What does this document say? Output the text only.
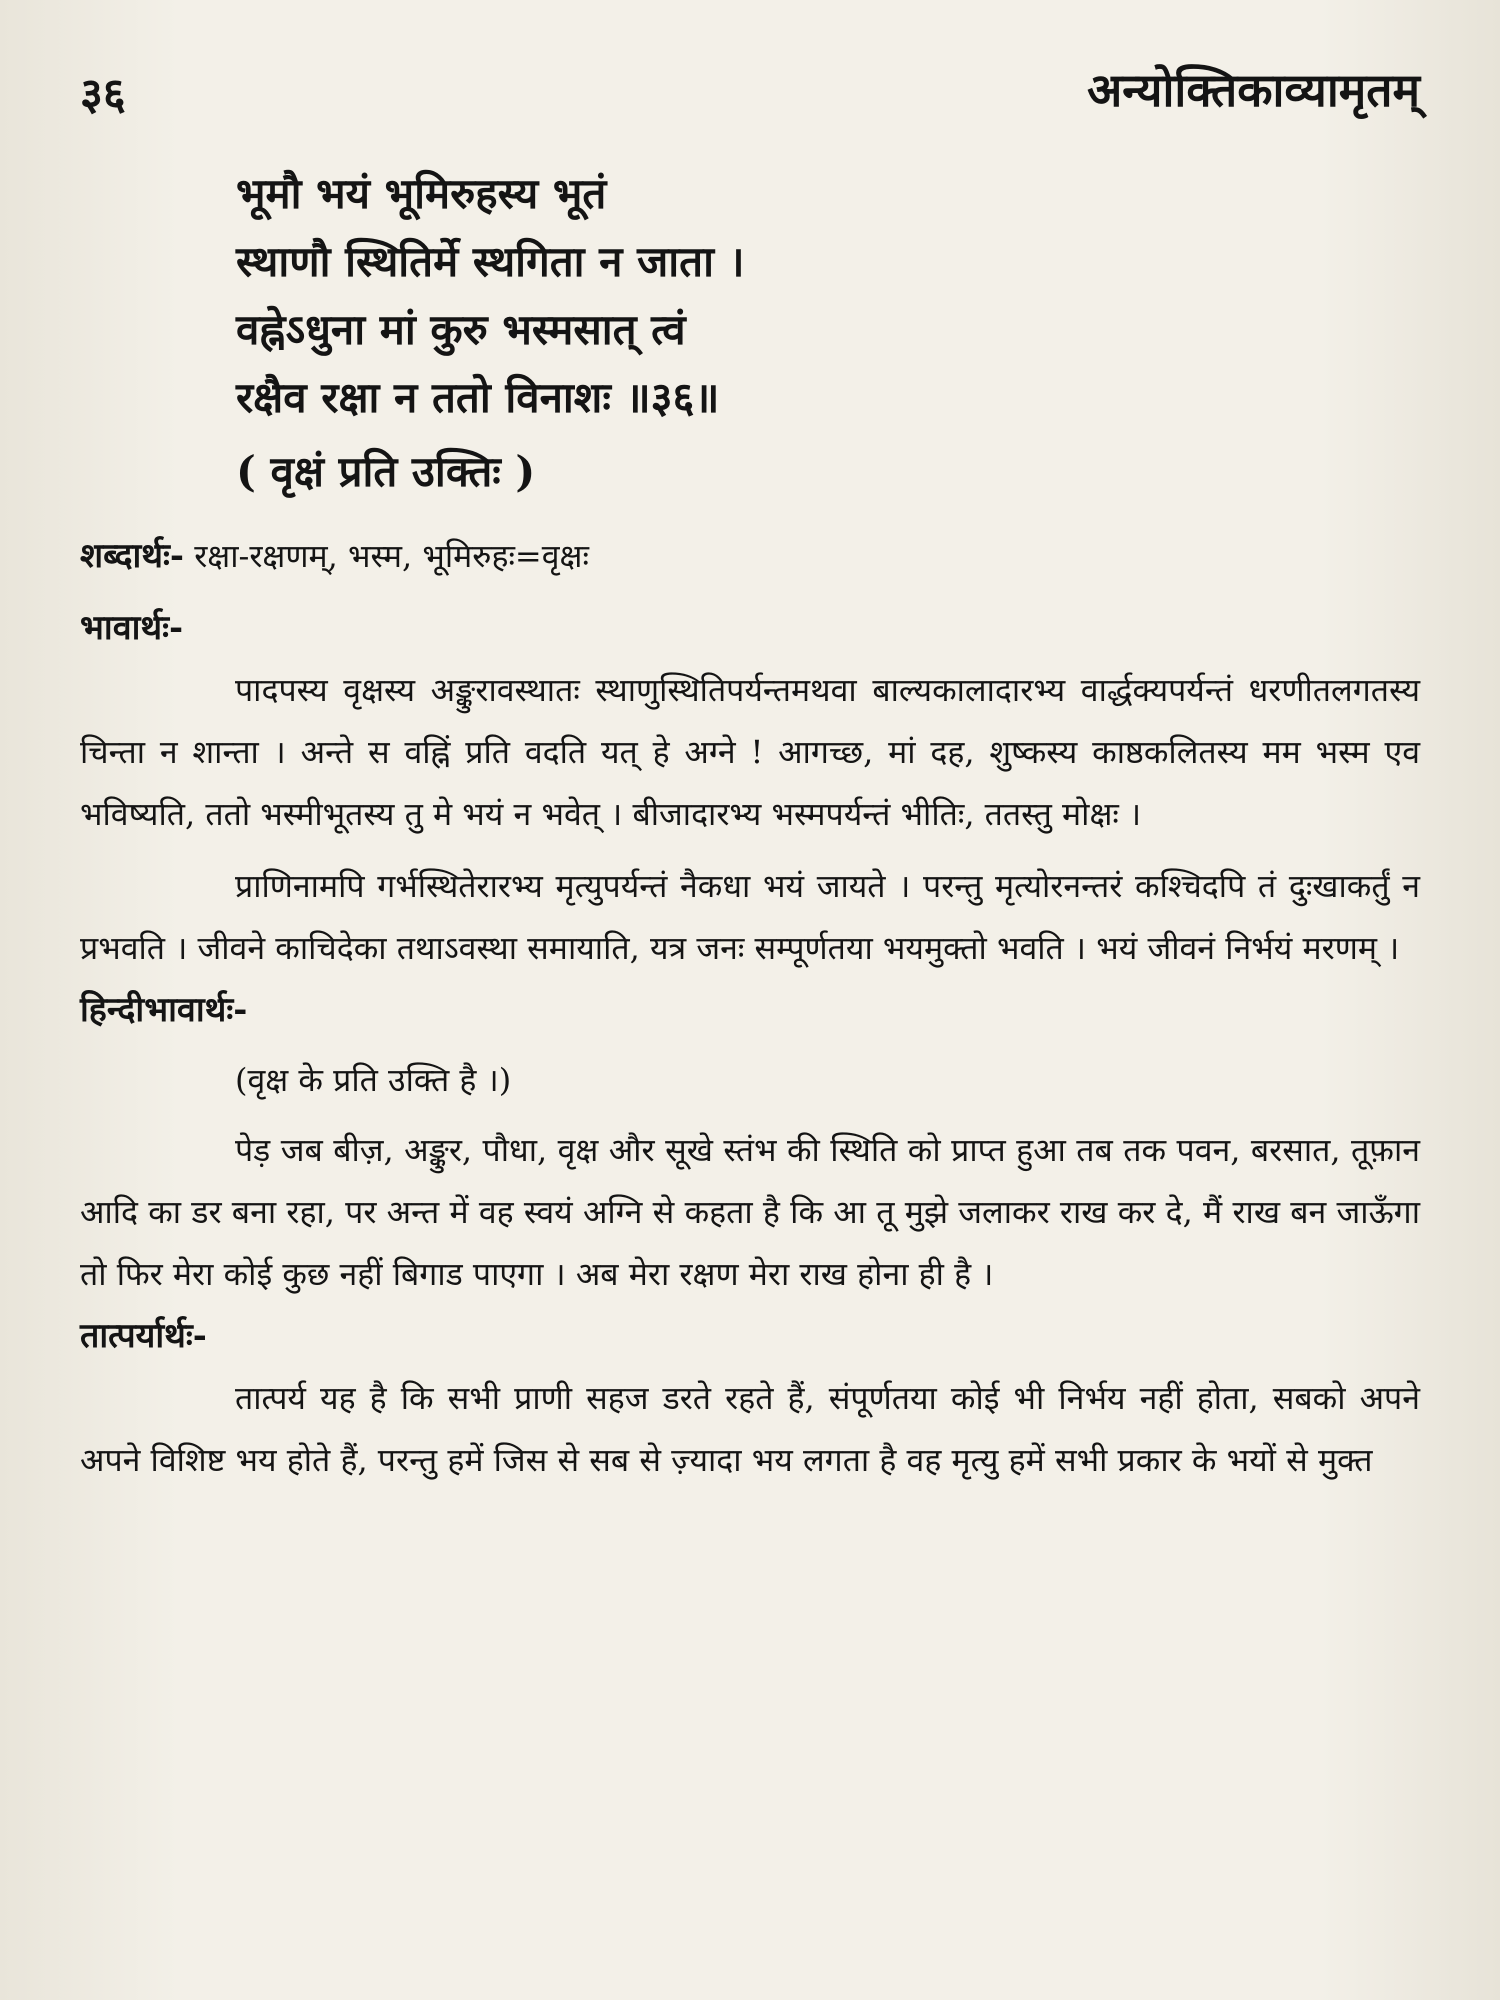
३६	अन्योक्तिकाव्यामृतम्
भूमौ भयं भूमिरुहस्य भूतं
स्थाणौ स्थितिर्मे स्थगिता न जाता ।
वह्नेऽधुना मां कुरु भस्मसात् त्वं
रक्षैव रक्षा न ततो विनाशः ॥३६॥
( वृक्षं प्रति उक्तिः )
शब्दार्थः- रक्षा-रक्षणम्, भस्म, भूमिरुहः=वृक्षः
भावार्थः-

पादपस्य वृक्षस्य अङ्कुरावस्थातः स्थाणुस्थितिपर्यन्तमथवा बाल्यकालादारभ्य वार्द्धक्यपर्यन्तं धरणीतलगतस्य चिन्ता न शान्ता । अन्ते स वह्निं प्रति वदति यत् हे अग्ने ! आगच्छ, मां दह, शुष्कस्य काष्ठकलितस्य मम भस्म एव भविष्यति, ततो भस्मीभूतस्य तु मे भयं न भवेत् । बीजादारभ्य भस्मपर्यन्तं भीतिः, ततस्तु मोक्षः ।

प्राणिनामपि गर्भस्थितेरारभ्य मृत्युपर्यन्तं नैकधा भयं जायते । परन्तु मृत्योरनन्तरं कश्चिदपि तं दुःखाकर्तुं न प्रभवति । जीवने काचिदेका तथाऽवस्था समायाति, यत्र जनः सम्पूर्णतया भयमुक्तो भवति । भयं जीवनं निर्भयं मरणम् ।

हिन्दीभावार्थः-
(वृक्ष के प्रति उक्ति है ।)

पेड़ जब बीज़, अङ्कुर, पौधा, वृक्ष और सूखे स्तंभ की स्थिति को प्राप्त हुआ तब तक पवन, बरसात, तूफ़ान आदि का डर बना रहा, पर अन्त में वह स्वयं अग्नि से कहता है कि आ तू मुझे जलाकर राख कर दे, मैं राख बन जाऊँगा तो फिर मेरा कोई कुछ नहीं बिगाड पाएगा । अब मेरा रक्षण मेरा राख होना ही है ।

तात्पर्यार्थः-

तात्पर्य यह है कि सभी प्राणी सहज डरते रहते हैं, संपूर्णतया कोई भी निर्भय नहीं होता, सबको अपने अपने विशिष्ट भय होते हैं, परन्तु हमें जिस से सब से ज़्यादा भय लगता है वह मृत्यु हमें सभी प्रकार के भयों से मुक्त
